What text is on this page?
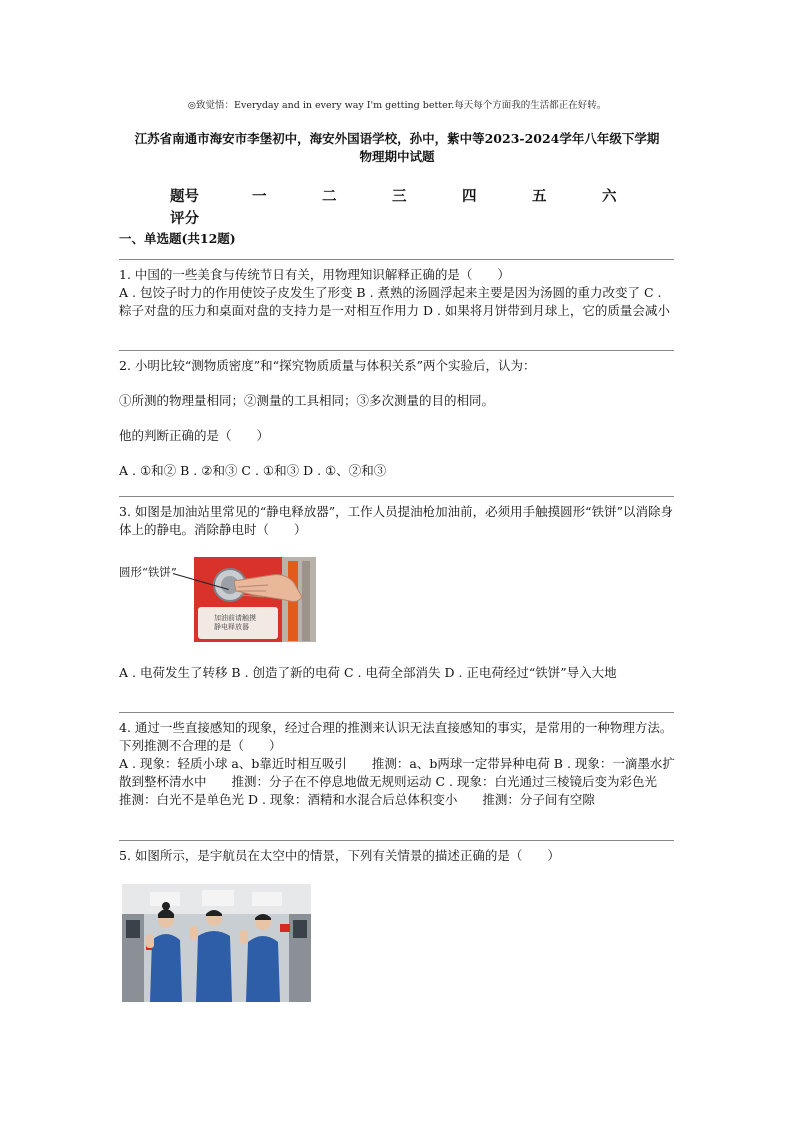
◎致觉悟：Everyday and in every way I'm getting better.每天每个方面我的生活都正在好转。
江苏省南通市海安市李堡初中，海安外国语学校，孙中，紫中等2023-2024学年八年级下学期
物理期中试题
题号	一	二	三	四	五	六
评分
一、单选题(共12题)

1. 中国的一些美食与传统节日有关，用物理知识解释正确的是（　　）

A . 包饺子时力的作用使饺子皮发生了形变 B . 煮熟的汤圆浮起来主要是因为汤圆的重力改变了 C . 粽子对盘的压力和桌面对盘的支持力是一对相互作用力 D . 如果将月饼带到月球上，它的质量会减小

2. 小明比较“测物质密度”和“探究物质质量与体积关系”两个实验后，认为：

①所测的物理量相同；②测量的工具相同；③多次测量的目的相同。

他的判断正确的是（　　）

A . ①和② B . ②和③ C . ①和③ D . ①、②和③

3. 如图是加油站里常见的“静电释放器”，工作人员提油枪加油前，必须用手触摸圆形“铁饼”以消除身体上的静电。消除静电时（　　）

圆形“铁饼”
加油前请触摸
静电释放器

A . 电荷发生了转移 B . 创造了新的电荷 C . 电荷全部消失 D . 正电荷经过“铁饼”导入大地

4. 通过一些直接感知的现象，经过合理的推测来认识无法直接感知的事实，是常用的一种物理方法。下列推测不合理的是（　　）

A . 现象：轻质小球 a、b靠近时相互吸引　　推测：a、b两球一定带异种电荷 B . 现象：一滴墨水扩散到整杯清水中　　推测：分子在不停息地做无规则运动 C . 现象：白光通过三棱镜后变为彩色光　　推测：白光不是单色光 D . 现象：酒精和水混合后总体积变小　　推测：分子间有空隙

5. 如图所示，是宇航员在太空中的情景，下列有关情景的描述正确的是（　　）
